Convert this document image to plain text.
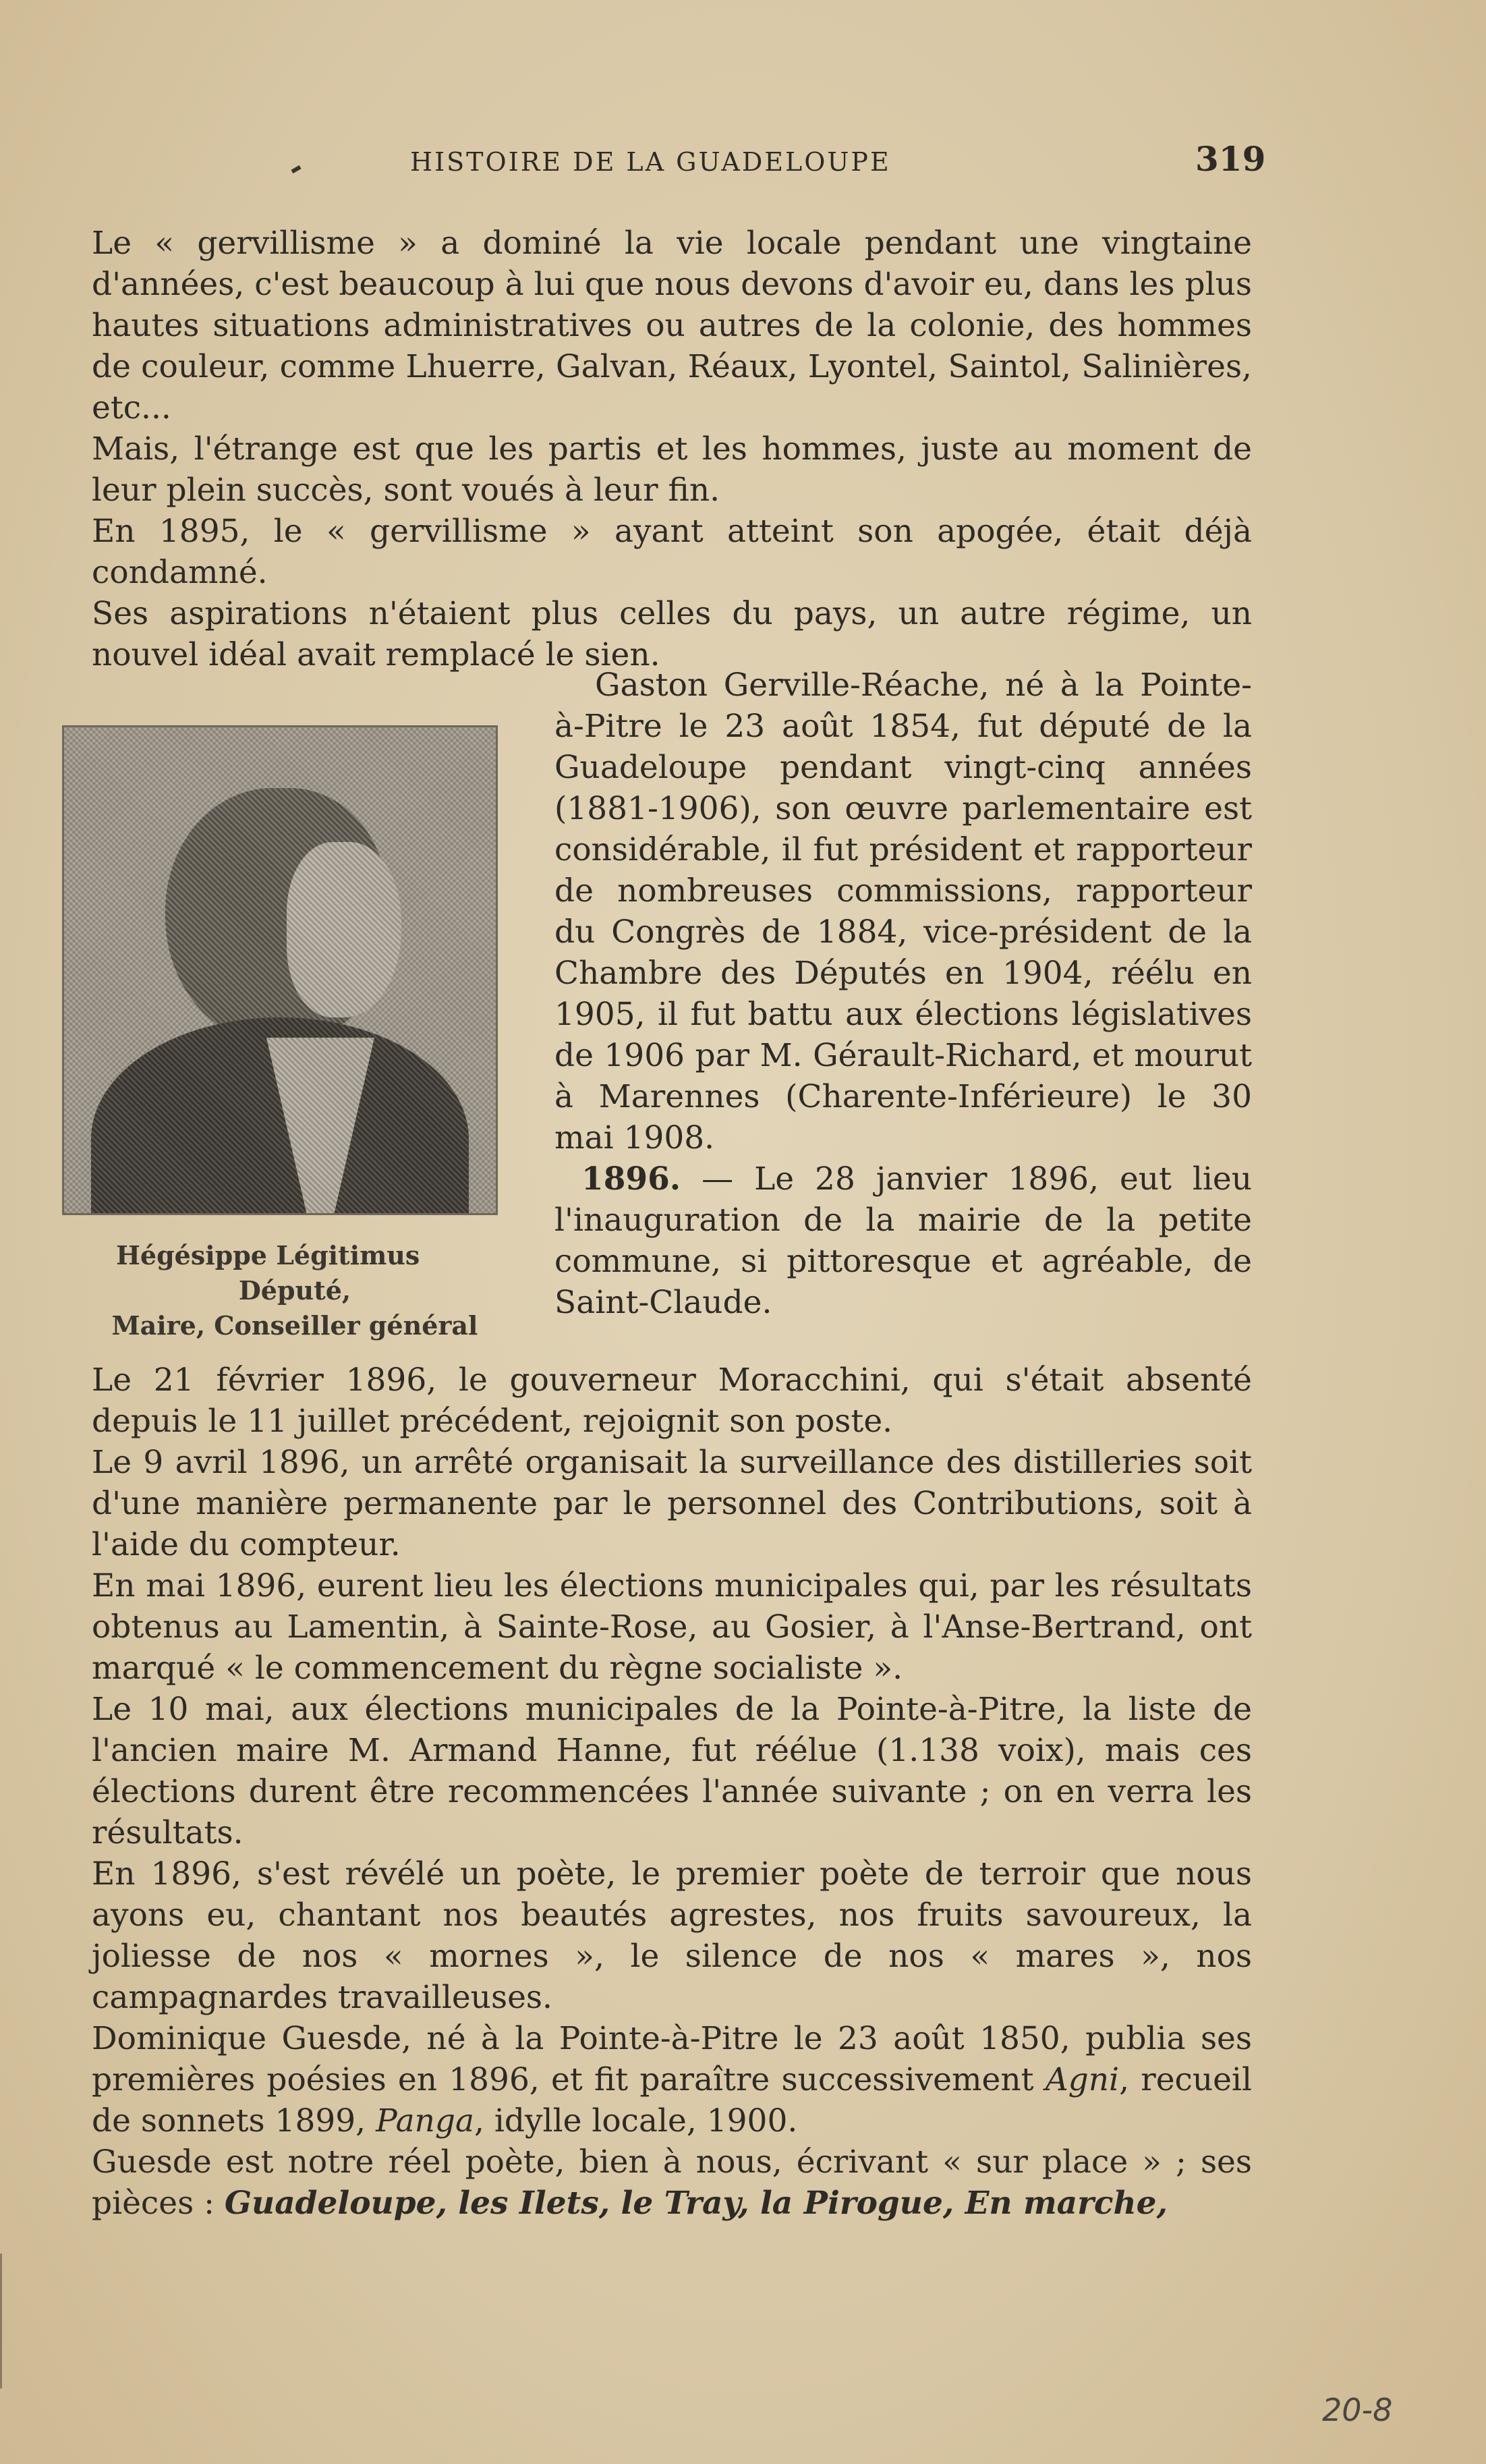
HISTOIRE DE LA GUADELOUPE	319

Le « gervillisme » a dominé la vie locale pendant une vingtaine d'années, c'est beaucoup à lui que nous devons d'avoir eu, dans les plus hautes situations administratives ou autres de la colonie, des hommes de couleur, comme Lhuerre, Galvan, Réaux, Lyontel, Saintol, Salinières, etc...

Mais, l'étrange est que les partis et les hommes, juste au moment de leur plein succès, sont voués à leur fin.

En 1895, le « gervillisme » ayant atteint son apogée, était déjà condamné.

Ses aspirations n'étaient plus celles du pays, un autre régime, un nouvel idéal avait remplacé le sien.

Hégésippe Légitimus
Député,
Maire, Conseiller général

Gaston Gerville-Réache, né à la Pointe-à-Pitre le 23 août 1854, fut député de la Guadeloupe pendant vingt-cinq années (1881-1906), son œuvre parlementaire est considérable, il fut président et rapporteur de nombreuses commissions, rapporteur du Congrès de 1884, vice-président de la Chambre des Députés en 1904, réélu en 1905, il fut battu aux élections législatives de 1906 par M. Gérault-Richard, et mourut à Marennes (Charente-Inférieure) le 30 mai 1908.

1896. — Le 28 janvier 1896, eut lieu l'inauguration de la mairie de la petite commune, si pittoresque et agréable, de Saint-Claude.

Le 21 février 1896, le gouverneur Moracchini, qui s'était absenté depuis le 11 juillet précédent, rejoignit son poste.

Le 9 avril 1896, un arrêté organisait la surveillance des distilleries soit d'une manière permanente par le personnel des Contributions, soit à l'aide du compteur.

En mai 1896, eurent lieu les élections municipales qui, par les résultats obtenus au Lamentin, à Sainte-Rose, au Gosier, à l'Anse-Bertrand, ont marqué « le commencement du règne socialiste ».

Le 10 mai, aux élections municipales de la Pointe-à-Pitre, la liste de l'ancien maire M. Armand Hanne, fut réélue (1.138 voix), mais ces élections durent être recommencées l'année suivante ; on en verra les résultats.

En 1896, s'est révélé un poète, le premier poète de terroir que nous ayons eu, chantant nos beautés agrestes, nos fruits savoureux, la joliesse de nos « mornes », le silence de nos « mares », nos campagnardes travailleuses.

Dominique Guesde, né à la Pointe-à-Pitre le 23 août 1850, publia ses premières poésies en 1896, et fit paraître successivement Agni, recueil de sonnets 1899, Panga, idylle locale, 1900.

Guesde est notre réel poète, bien à nous, écrivant « sur place » ; ses pièces : Guadeloupe, les Ilets, le Tray, la Pirogue, En marche,

20-8
